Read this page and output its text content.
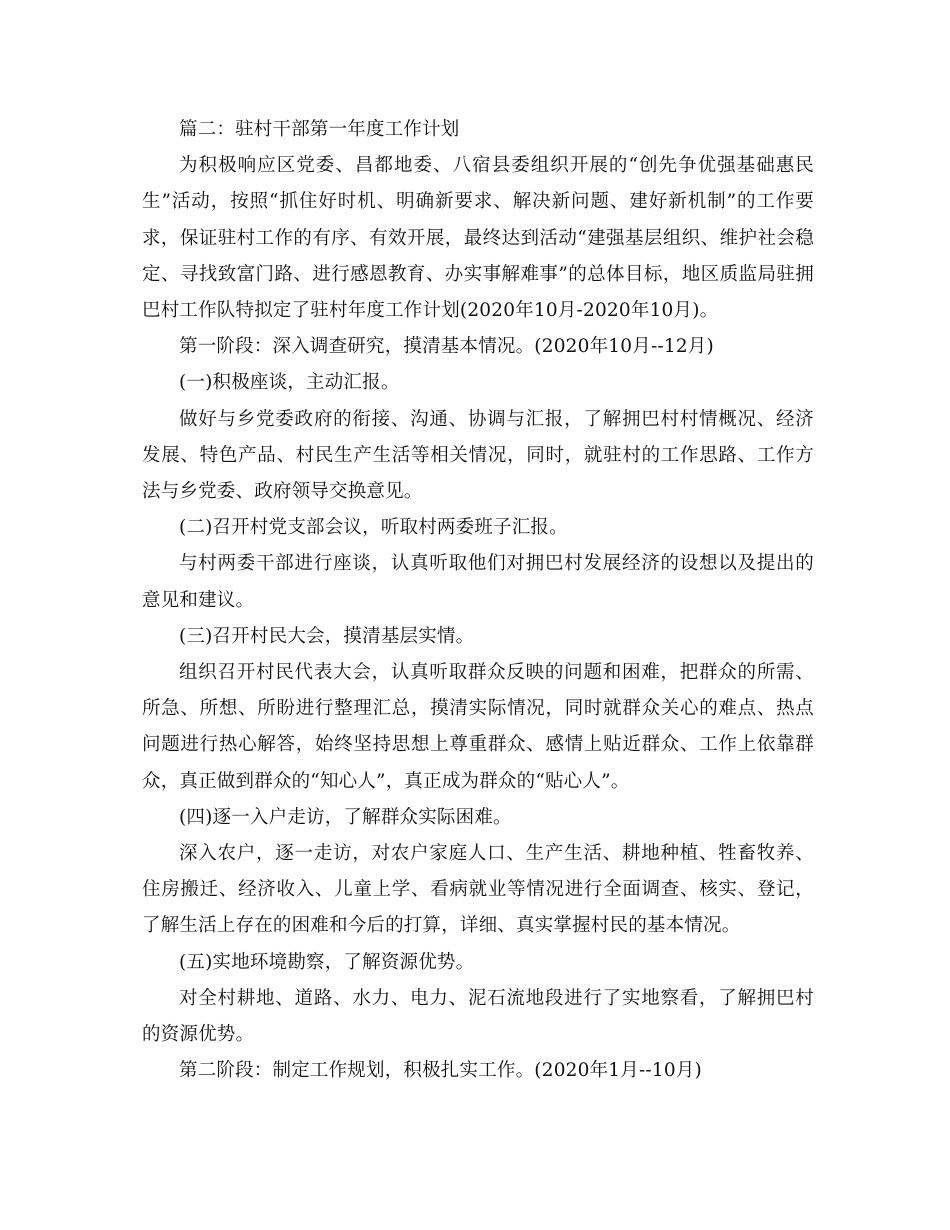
篇二：驻村干部第一年度工作计划

为积极响应区党委、昌都地委、八宿县委组织开展的“创先争优强基础惠民生”活动，按照“抓住好时机、明确新要求、解决新问题、建好新机制”的工作要求，保证驻村工作的有序、有效开展，最终达到活动“建强基层组织、维护社会稳定、寻找致富门路、进行感恩教育、办实事解难事”的总体目标，地区质监局驻拥巴村工作队特拟定了驻村年度工作计划(2020年10月-2020年10月)。

第一阶段：深入调查研究，摸清基本情况。(2020年10月--12月)

(一)积极座谈，主动汇报。

做好与乡党委政府的衔接、沟通、协调与汇报，了解拥巴村村情概况、经济发展、特色产品、村民生产生活等相关情况，同时，就驻村的工作思路、工作方法与乡党委、政府领导交换意见。

(二)召开村党支部会议，听取村两委班子汇报。

与村两委干部进行座谈，认真听取他们对拥巴村发展经济的设想以及提出的意见和建议。

(三)召开村民大会，摸清基层实情。

组织召开村民代表大会，认真听取群众反映的问题和困难，把群众的所需、所急、所想、所盼进行整理汇总，摸清实际情况，同时就群众关心的难点、热点问题进行热心解答，始终坚持思想上尊重群众、感情上贴近群众、工作上依靠群众，真正做到群众的“知心人”，真正成为群众的“贴心人”。

(四)逐一入户走访，了解群众实际困难。

深入农户，逐一走访，对农户家庭人口、生产生活、耕地种植、牲畜牧养、住房搬迁、经济收入、儿童上学、看病就业等情况进行全面调查、核实、登记，了解生活上存在的困难和今后的打算，详细、真实掌握村民的基本情况。

(五)实地环境勘察，了解资源优势。

对全村耕地、道路、水力、电力、泥石流地段进行了实地察看，了解拥巴村的资源优势。

第二阶段：制定工作规划，积极扎实工作。(2020年1月--10月)
